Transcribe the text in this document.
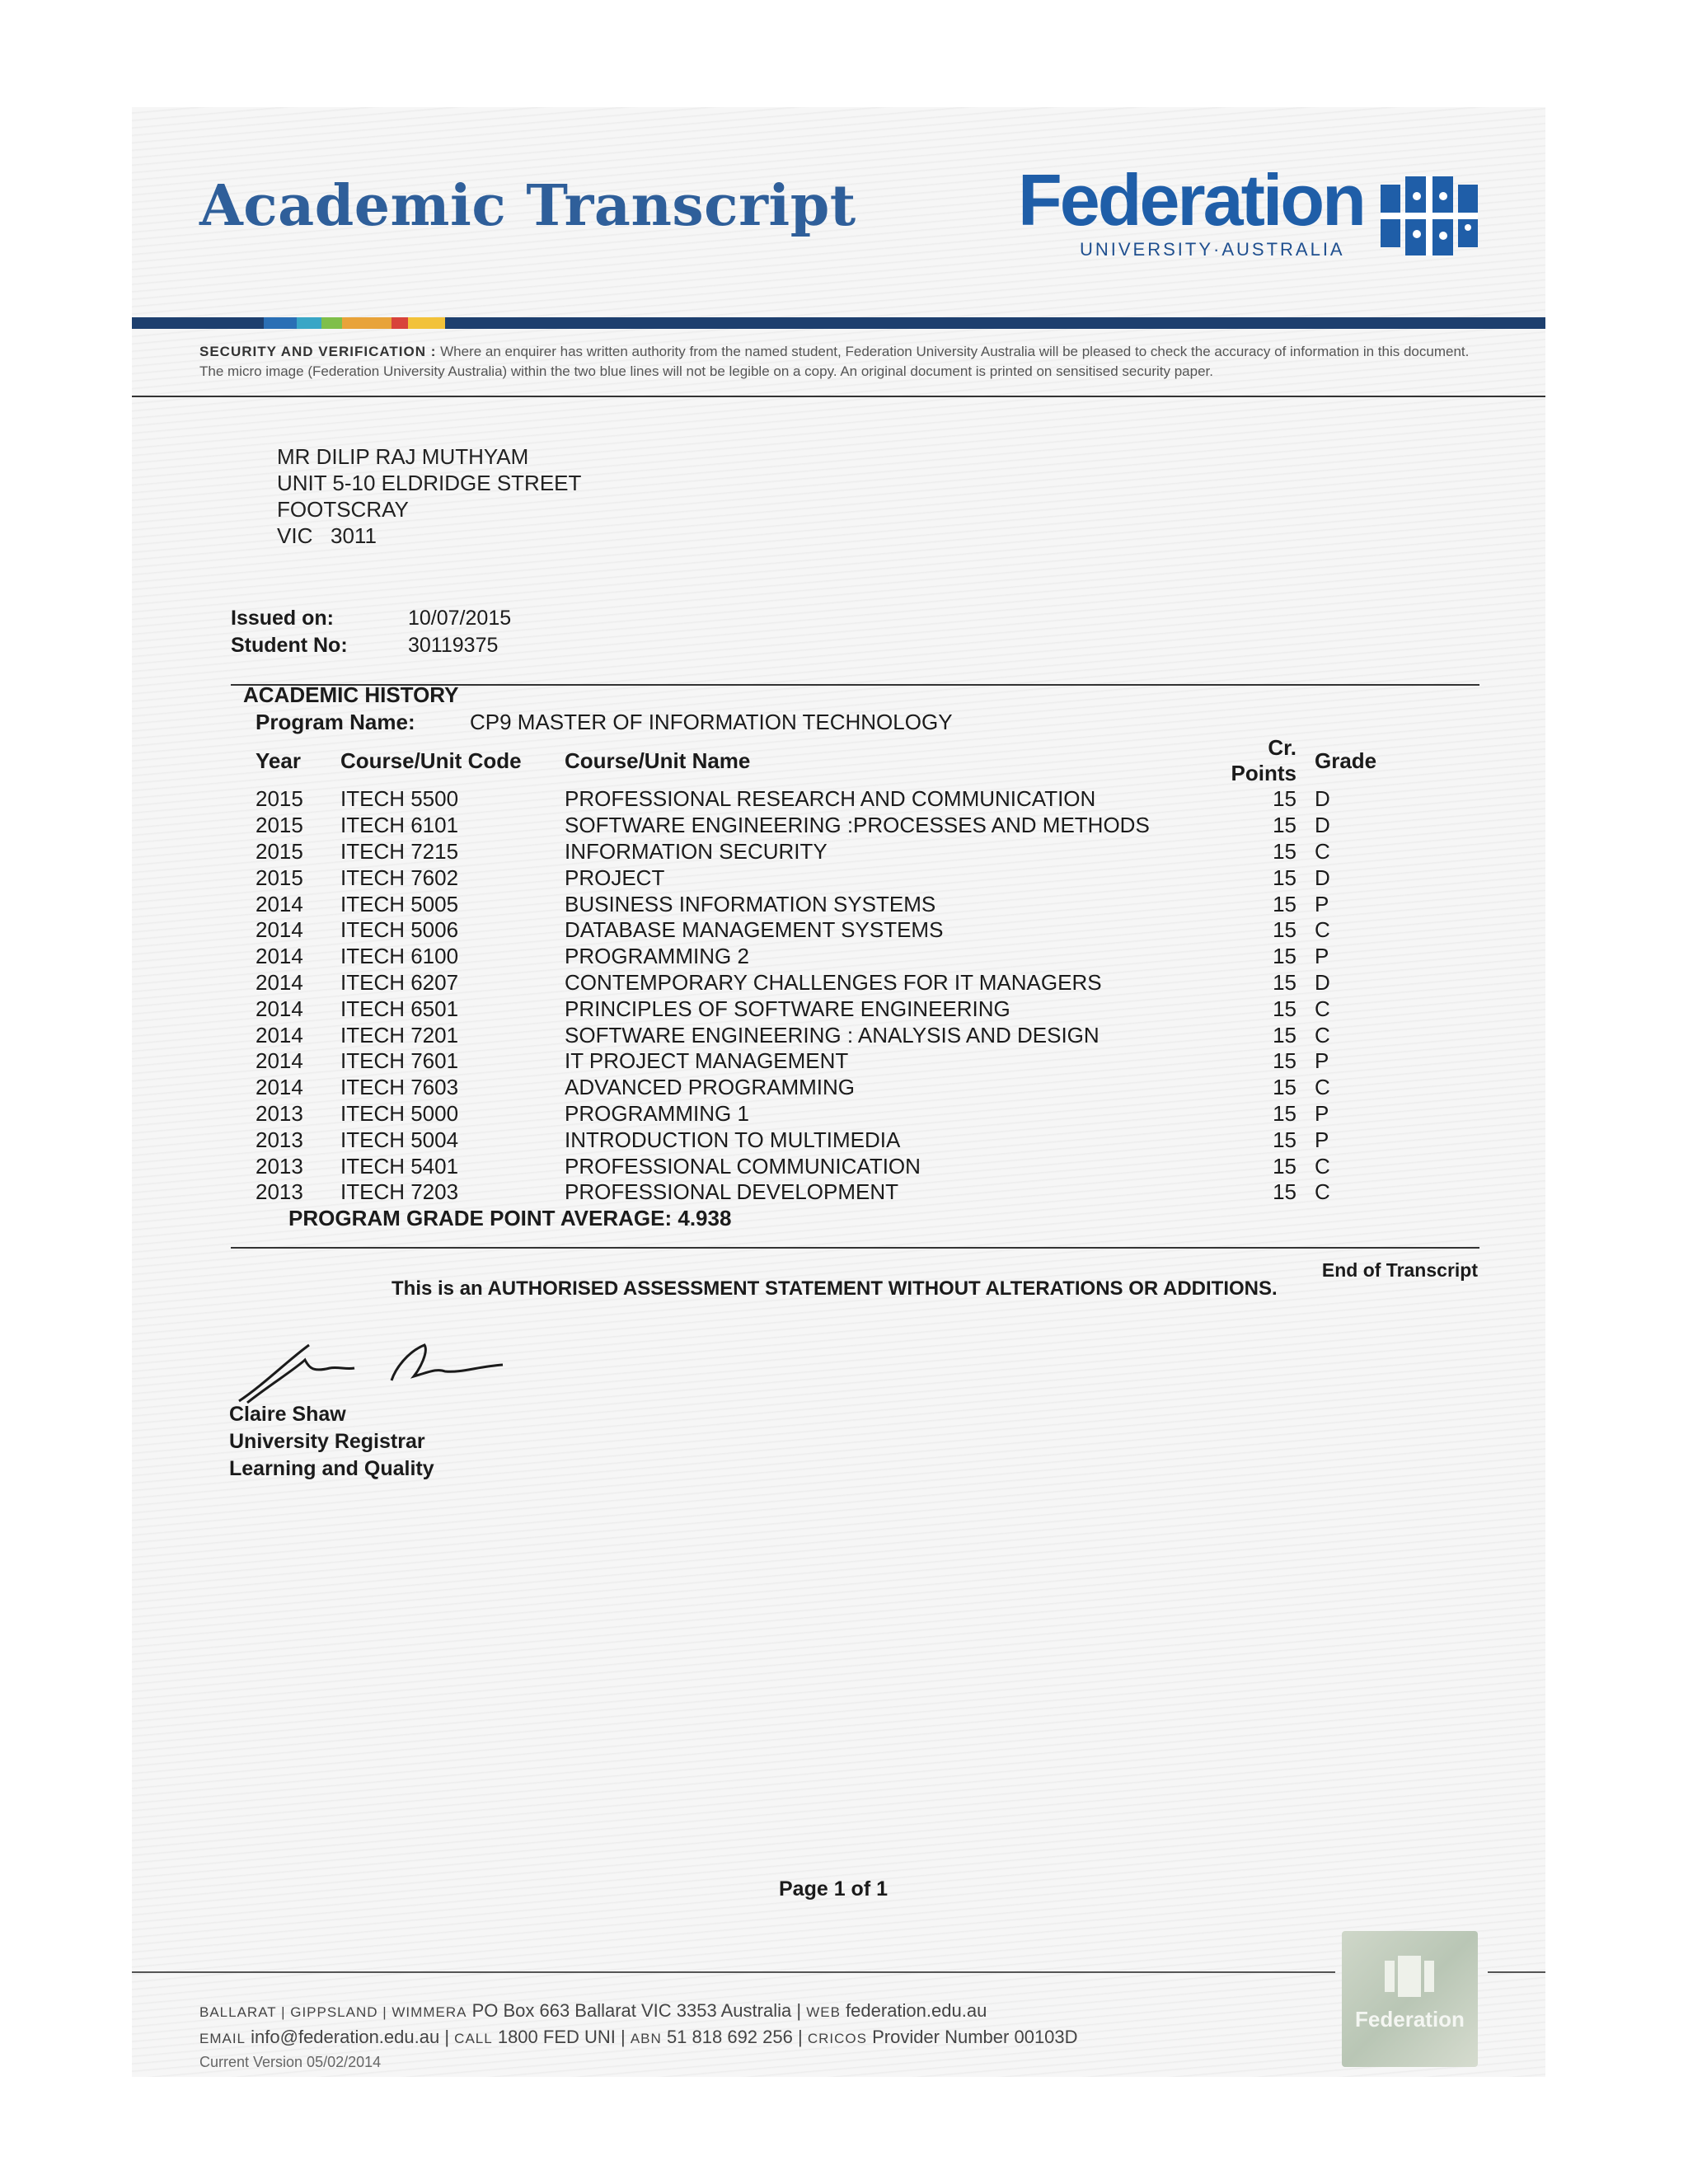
Academic Transcript Federation
UNIVERSITY·AUSTRALIA
SECURITY AND VERIFICATION : Where an enquirer has written authority from the named student, Federation University Australia will be pleased to check the accuracy of information in this document. The micro image (Federation University Australia) within the two blue lines will not be legible on a copy. An original document is printed on sensitised security paper.
MR DILIP RAJ MUTHYAM
UNIT 5-10 ELDRIDGE STREET
FOOTSCRAY
VIC   3011
Issued on:	10/07/2015
Student No:	30119375
ACADEMIC HISTORY
Program Name:	CP9 MASTER OF INFORMATION TECHNOLOGY
Year	Course/Unit Code	Course/Unit Name	Cr. Points	Grade
2015	ITECH 5500	PROFESSIONAL RESEARCH AND COMMUNICATION	15	D
2015	ITECH 6101	SOFTWARE ENGINEERING :PROCESSES AND METHODS	15	D
2015	ITECH 7215	INFORMATION SECURITY	15	C
2015	ITECH 7602	PROJECT	15	D
2014	ITECH 5005	BUSINESS INFORMATION SYSTEMS	15	P
2014	ITECH 5006	DATABASE MANAGEMENT SYSTEMS	15	C
2014	ITECH 6100	PROGRAMMING 2	15	P
2014	ITECH 6207	CONTEMPORARY CHALLENGES FOR IT MANAGERS	15	D
2014	ITECH 6501	PRINCIPLES OF SOFTWARE ENGINEERING	15	C
2014	ITECH 7201	SOFTWARE ENGINEERING : ANALYSIS AND DESIGN	15	C
2014	ITECH 7601	IT PROJECT MANAGEMENT	15	P
2014	ITECH 7603	ADVANCED PROGRAMMING	15	C
2013	ITECH 5000	PROGRAMMING 1	15	P
2013	ITECH 5004	INTRODUCTION TO MULTIMEDIA	15	P
2013	ITECH 5401	PROFESSIONAL COMMUNICATION	15	C
2013	ITECH 7203	PROFESSIONAL DEVELOPMENT	15	C
PROGRAM GRADE POINT AVERAGE: 4.938
End of Transcript
This is an AUTHORISED ASSESSMENT STATEMENT WITHOUT ALTERATIONS OR ADDITIONS.
Claire Shaw
University Registrar
Learning and Quality
Page 1 of 1
BALLARAT | GIPPSLAND | WIMMERA PO Box 663 Ballarat VIC 3353 Australia | WEB federation.edu.au
EMAIL info@federation.edu.au | CALL 1800 FED UNI | ABN 51 818 692 256 | CRICOS Provider Number 00103D
Current Version 05/02/2014
Federation
